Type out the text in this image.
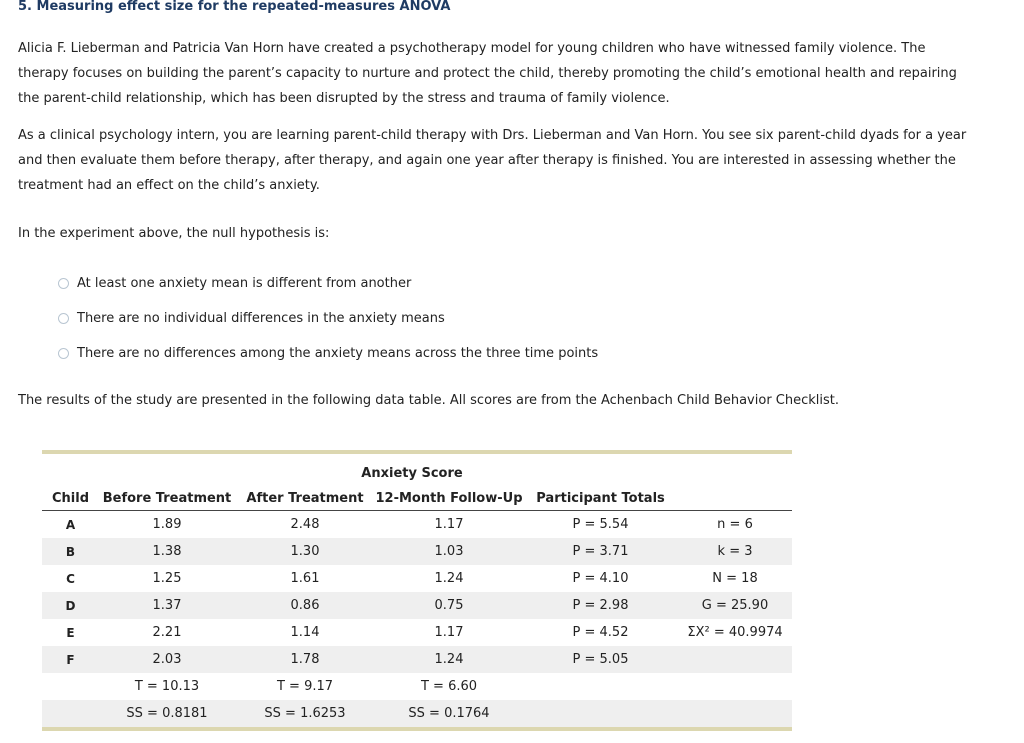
5. Measuring effect size for the repeated-measures ANOVA
Alicia F. Lieberman and Patricia Van Horn have created a psychotherapy model for young children who have witnessed family violence. The therapy focuses on building the parent’s capacity to nurture and protect the child, thereby promoting the child’s emotional health and repairing the parent-child relationship, which has been disrupted by the stress and trauma of family violence.
As a clinical psychology intern, you are learning parent-child therapy with Drs. Lieberman and Van Horn. You see six parent-child dyads for a year and then evaluate them before therapy, after therapy, and again one year after therapy is finished. You are interested in assessing whether the treatment had an effect on the child’s anxiety.
In the experiment above, the null hypothesis is:
At least one anxiety mean is different from another
There are no individual differences in the anxiety means
There are no differences among the anxiety means across the three time points
The results of the study are presented in the following data table. All scores are from the Achenbach Child Behavior Checklist.
		Anxiety Score			
Child	Before Treatment	After Treatment	12-Month Follow-Up	Participant Totals	
A	1.89	2.48	1.17	P = 5.54	n = 6
B	1.38	1.30	1.03	P = 3.71	k = 3
C	1.25	1.61	1.24	P = 4.10	N = 18
D	1.37	0.86	0.75	P = 2.98	G = 25.90
E	2.21	1.14	1.17	P = 4.52	ΣX² = 40.9974
F	2.03	1.78	1.24	P = 5.05	
	T = 10.13	T = 9.17	T = 6.60		
	SS = 0.8181	SS = 1.6253	SS = 0.1764		
